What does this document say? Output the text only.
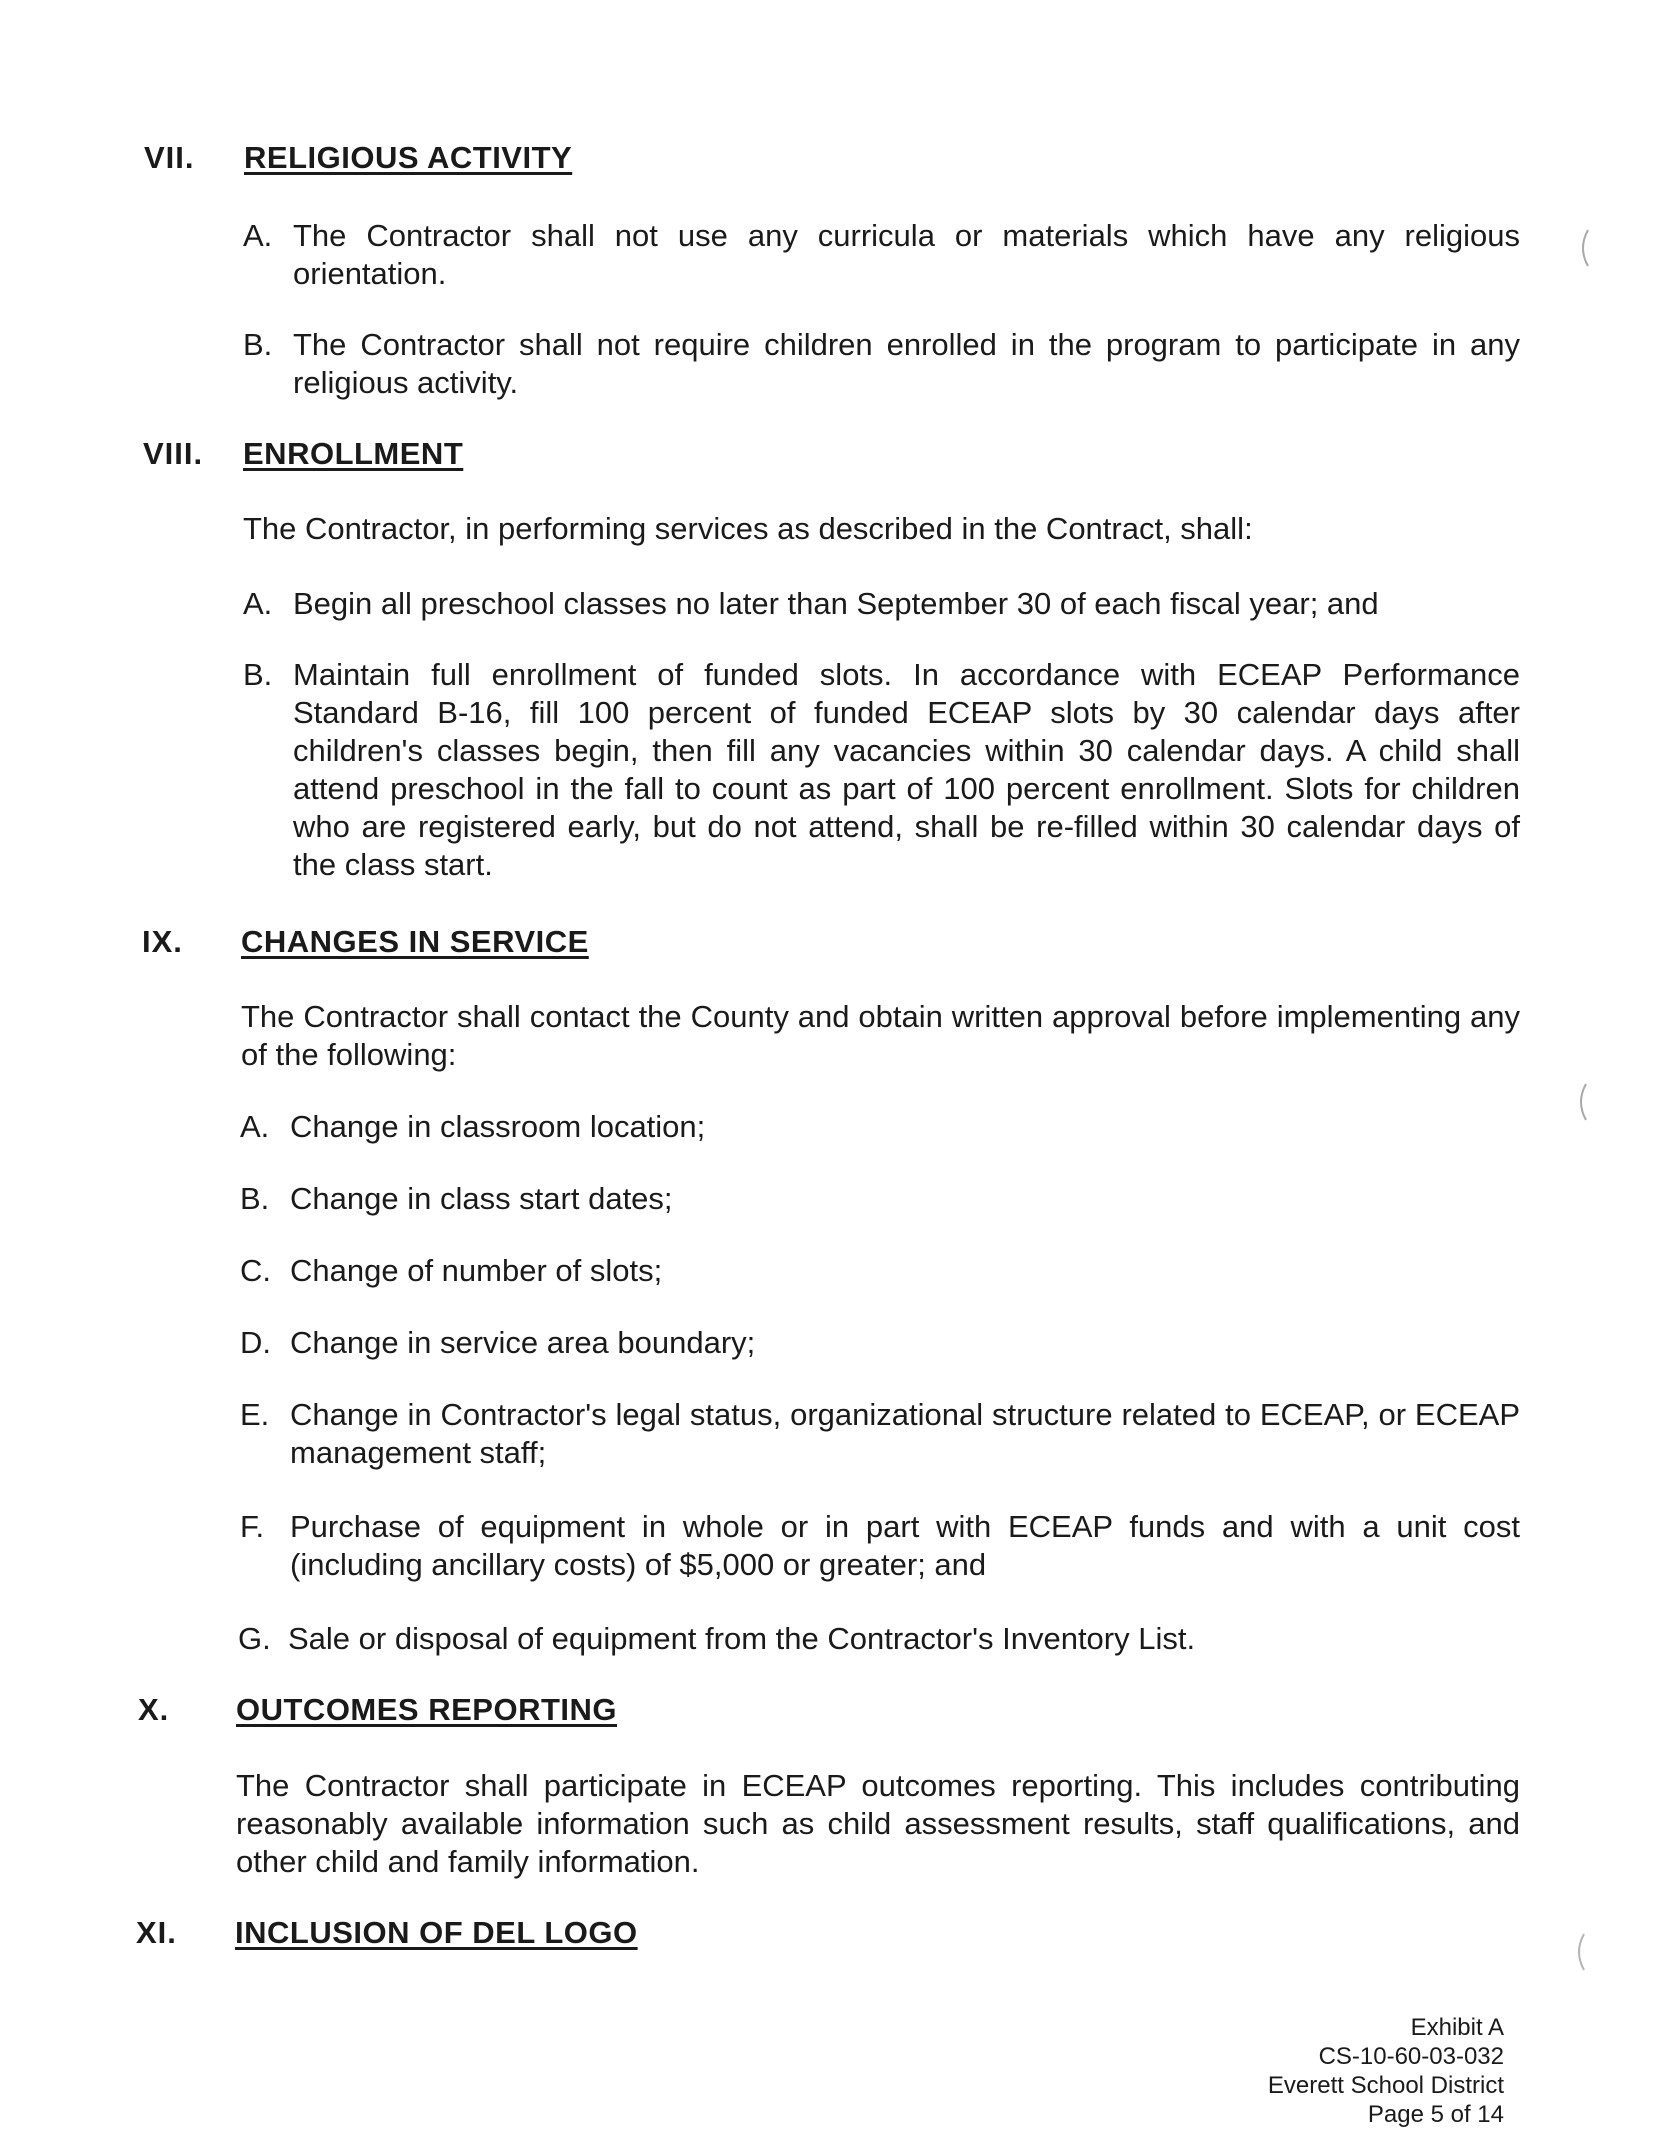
VII. RELIGIOUS ACTIVITY
A. The Contractor shall not use any curricula or materials which have any religious orientation.
B. The Contractor shall not require children enrolled in the program to participate in any religious activity.
VIII. ENROLLMENT
The Contractor, in performing services as described in the Contract, shall:
A. Begin all preschool classes no later than September 30 of each fiscal year; and
B. Maintain full enrollment of funded slots. In accordance with ECEAP Performance Standard B-16, fill 100 percent of funded ECEAP slots by 30 calendar days after children's classes begin, then fill any vacancies within 30 calendar days. A child shall attend preschool in the fall to count as part of 100 percent enrollment. Slots for children who are registered early, but do not attend, shall be re-filled within 30 calendar days of the class start.
IX. CHANGES IN SERVICE
The Contractor shall contact the County and obtain written approval before implementing any of the following:
A. Change in classroom location;
B. Change in class start dates;
C. Change of number of slots;
D. Change in service area boundary;
E. Change in Contractor's legal status, organizational structure related to ECEAP, or ECEAP management staff;
F. Purchase of equipment in whole or in part with ECEAP funds and with a unit cost (including ancillary costs) of $5,000 or greater; and
G. Sale or disposal of equipment from the Contractor's Inventory List.
X. OUTCOMES REPORTING
The Contractor shall participate in ECEAP outcomes reporting. This includes contributing reasonably available information such as child assessment results, staff qualifications, and other child and family information.
XI. INCLUSION OF DEL LOGO
Exhibit A
CS-10-60-03-032
Everett School District
Page 5 of 14
